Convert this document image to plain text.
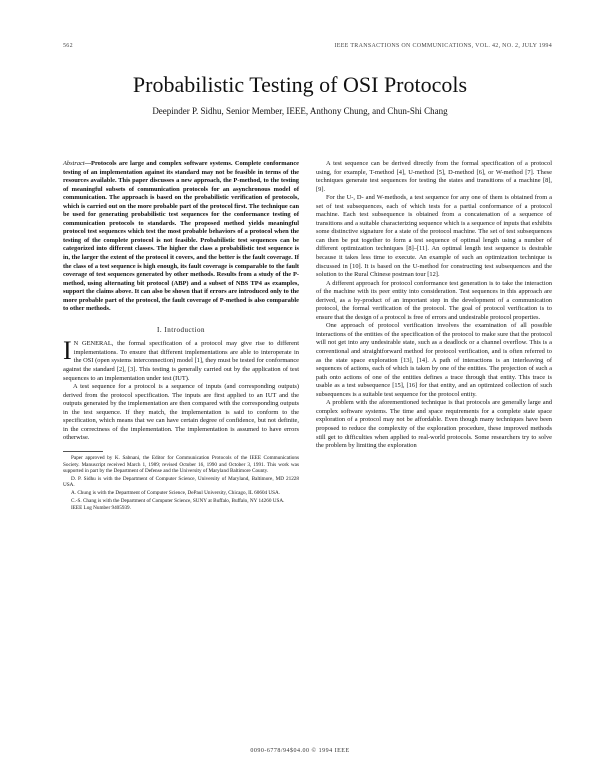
562	IEEE TRANSACTIONS ON COMMUNICATIONS, VOL. 42, NO. 2, JULY 1994
Probabilistic Testing of OSI Protocols

Deepinder P. Sidhu, Senior Member, IEEE, Anthony Chung, and Chun-Shi Chang

Abstract—Protocols are large and complex software systems. Complete conformance testing of an implementation against its standard may not be feasible in terms of the resources available. This paper discusses a new approach, the P-method, to the testing of meaningful subsets of communication protocols for an asynchronous model of communication. The approach is based on the probabilistic verification of protocols, which is carried out on the more probable part of the protocol first. The technique can be used for generating probabilistic test sequences for the conformance testing of communication protocols to standards. The proposed method yields meaningful protocol test sequences which test the most probable behaviors of a protocol when the testing of the complete protocol is not feasible. Probabilistic test sequences can be categorized into different classes. The higher the class a probabilistic test sequence is in, the larger the extent of the protocol it covers, and the better is the fault coverage. If the class of a test sequence is high enough, its fault coverage is comparable to the fault coverage of test sequences generated by other methods. Results from a study of the P-method, using alternating bit protocol (ABP) and a subset of NBS TP4 as examples, support the claims above. It can also be shown that if errors are introduced only to the more probable part of the protocol, the fault coverage of P-method is also comparable to other methods.

I. Introduction

I N GENERAL, the formal specification of a protocol may give rise to different implementations. To ensure that different implementations are able to interoperate in the OSI (open systems interconnection) model [1], they must be tested for conformance against the standard [2], [3]. This testing is generally carried out by the application of test sequences to an implementation under test (IUT).

A test sequence for a protocol is a sequence of inputs (and corresponding outputs) derived from the protocol specification. The inputs are first applied to an IUT and the outputs generated by the implementation are then compared with the corresponding outputs in the test sequence. If they match, the implementation is said to conform to the specification, which means that we can have certain degree of confidence, but not definite, in the correctness of the implementation. The implementation is assumed to have errors otherwise.

Paper approved by K. Sabnani, the Editor for Communication Protocols of the IEEE Communications Society. Manuscript received March 1, 1989; revised October 16, 1990 and October 3, 1991. This work was supported in part by the Department of Defense and the University of Maryland Baltimore County.

D. P. Sidhu is with the Department of Computer Science, University of Maryland, Baltimore, MD 21228 USA.

A. Chung is with the Department of Computer Science, DePaul University, Chicago, IL 60604 USA.

C.-S. Chang is with the Department of Computer Science, SUNY at Buffalo, Buffalo, NY 14260 USA.

IEEE Log Number 9405939.

A test sequence can be derived directly from the formal specification of a protocol using, for example, T-method [4], U-method [5], D-method [6], or W-method [7]. These techniques generate test sequences for testing the states and transitions of a machine [8], [9].

For the U-, D- and W-methods, a test sequence for any one of them is obtained from a set of test subsequences, each of which tests for a partial conformance of a protocol machine. Each test subsequence is obtained from a concatenation of a sequence of transitions and a suitable characterizing sequence which is a sequence of inputs that exhibits some distinctive signature for a state of the protocol machine. The set of test subsequences can then be put together to form a test sequence of optimal length using a number of different optimization techniques [8]–[11]. An optimal length test sequence is desirable because it takes less time to execute. An example of such an optimization technique is discussed in [10]. It is based on the U-method for constructing test subsequences and the solution to the Rural Chinese postman tour [12].

A different approach for protocol conformance test generation is to take the interaction of the machine with its peer entity into consideration. Test sequences in this approach are derived, as a by-product of an important step in the development of a communication protocol, the formal verification of the protocol. The goal of protocol verification is to ensure that the design of a protocol is free of errors and undesirable protocol properties.

One approach of protocol verification involves the examination of all possible interactions of the entities of the specification of the protocol to make sure that the protocol will not get into any undesirable state, such as a deadlock or a channel overflow. This is a conventional and straightforward method for protocol verification, and is often referred to as the state space exploration [13], [14]. A path of interactions is an interleaving of sequences of actions, each of which is taken by one of the entities. The projection of such a path onto actions of one of the entities defines a trace through that entity. This trace is usable as a test subsequence [15], [16] for that entity, and an optimized collection of such subsequences is a suitable test sequence for the protocol entity.

A problem with the aforementioned technique is that protocols are generally large and complex software systems. The time and space requirements for a complete state space exploration of a protocol may not be affordable. Even though many techniques have been proposed to reduce the complexity of the exploration procedure, these improved methods still get to difficulties when applied to real-world protocols. Some researchers try to solve the problem by limiting the exploration

0090-6778/94$04.00 © 1994 IEEE
